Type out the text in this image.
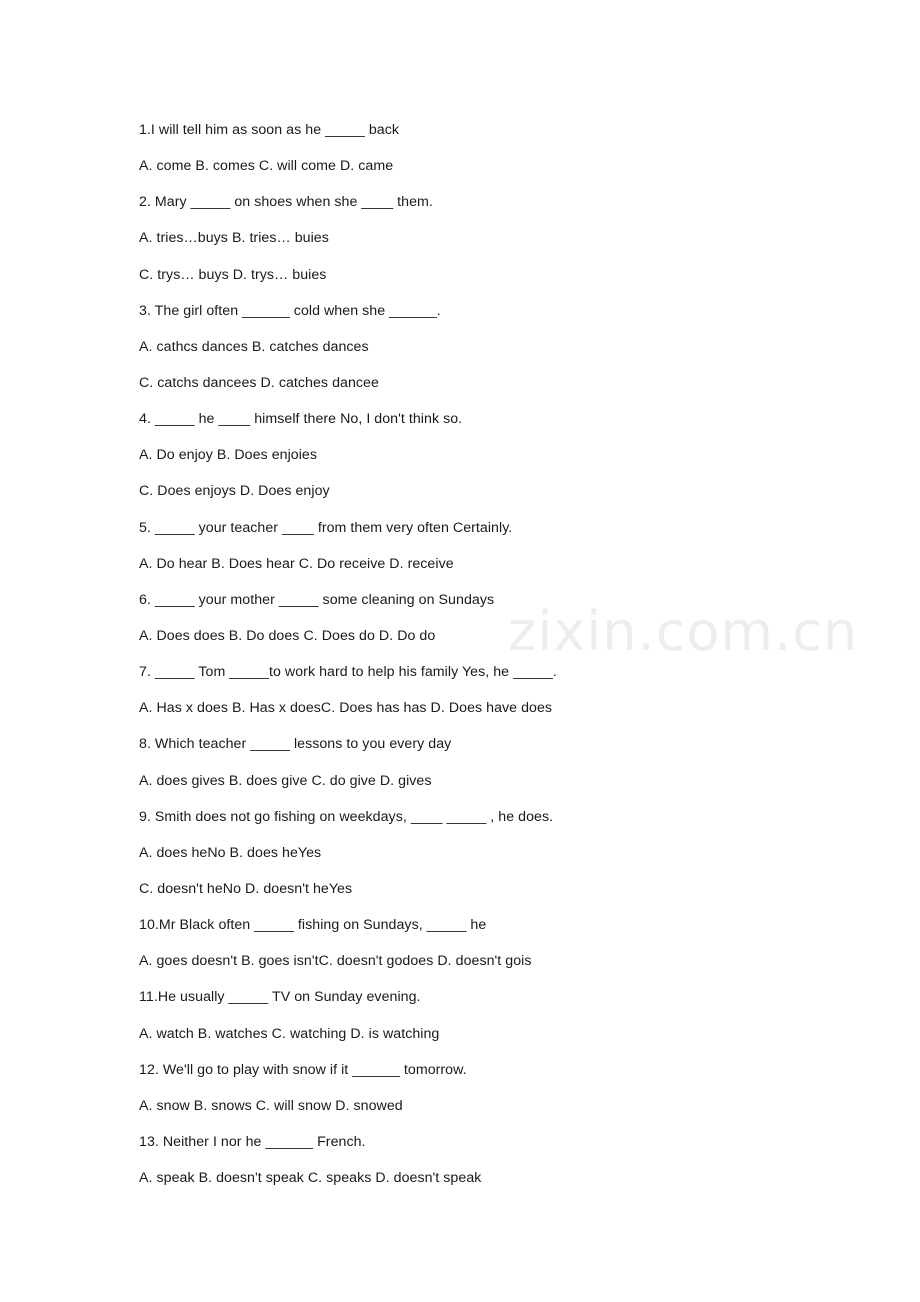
1.I will tell him as soon as he _____ back
A. come B. comes C. will come D. came
2. Mary _____ on shoes when she ____ them.
A. tries…buys B. tries… buies
C. trys… buys D. trys… buies
3. The girl often ______ cold when she ______.
A. cathcs dances B. catches dances
C. catchs dancees D. catches dancee
4. _____ he ____ himself there No, I don't think so.
A. Do enjoy B. Does enjoies
C. Does enjoys D. Does enjoy
5. _____ your teacher ____ from them very often Certainly.
A. Do hear B. Does hear C. Do receive D. receive
6. _____ your mother _____ some cleaning on Sundays
A. Does does B. Do does C. Does do D. Do do
7. _____ Tom _____to work hard to help his family Yes, he _____.
A. Has x does B. Has x doesC. Does has has D. Does have does
8. Which teacher _____ lessons to you every day
A. does gives B. does give C. do give D. gives
9. Smith does not go fishing on weekdays, ____ _____ , he does.
A. does heNo B. does heYes
C. doesn't heNo D. doesn't heYes
10.Mr Black often _____ fishing on Sundays, _____ he
A. goes doesn't B. goes isn'tC. doesn't godoes D. doesn't gois
11.He usually _____ TV on Sunday evening.
A. watch B. watches C. watching D. is watching
12. We'll go to play with snow if it ______ tomorrow.
A. snow B. snows C. will snow D. snowed
13. Neither I nor he ______ French.
A. speak B. doesn't speak C. speaks D. doesn't speak
zixin.com.cn
